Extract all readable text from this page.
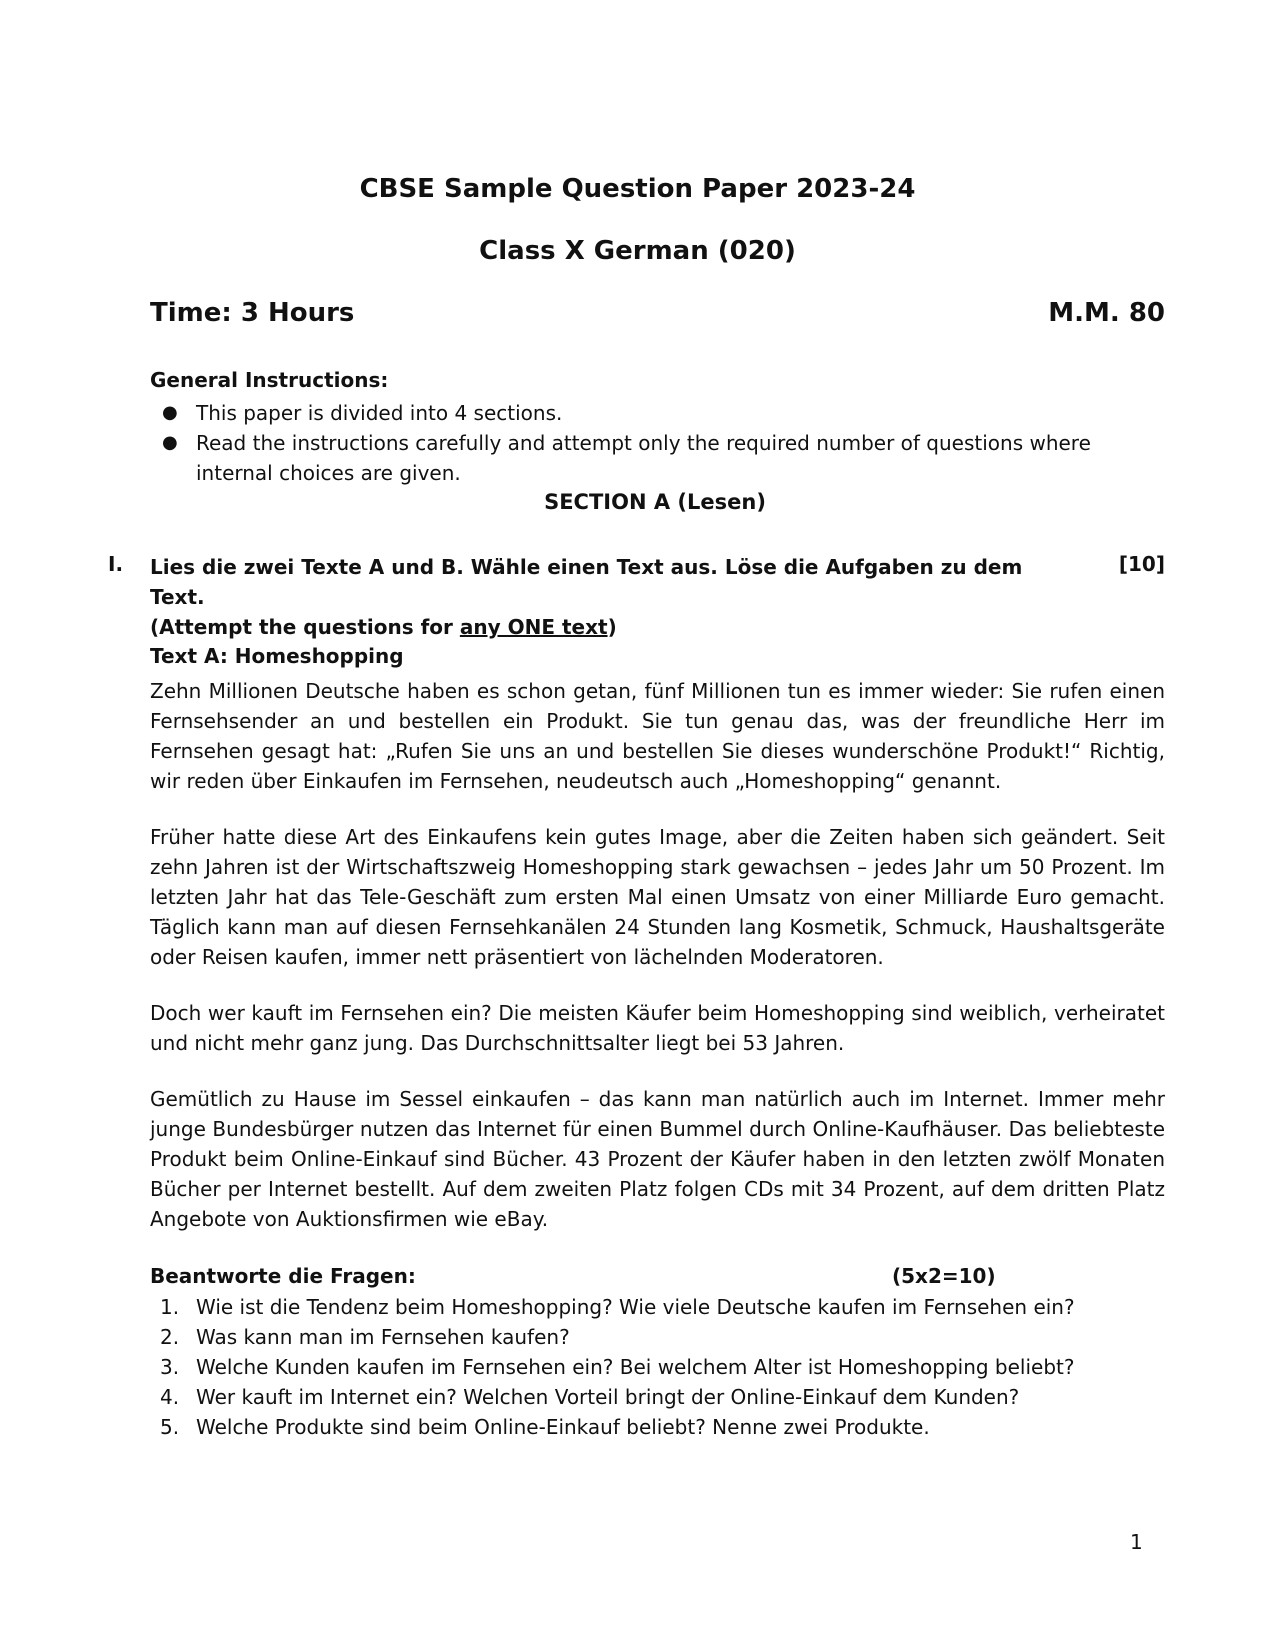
CBSE Sample Question Paper 2023-24
Class X German (020)
Time: 3 Hours	M.M. 80
General Instructions:
● This paper is divided into 4 sections.
● Read the instructions carefully and attempt only the required number of questions where internal choices are given.
SECTION A (Lesen)
I. Lies die zwei Texte A und B. Wähle einen Text aus. Löse die Aufgaben zu dem Text.
(Attempt the questions for any ONE text)
[10]
Text A: Homeshopping

Zehn Millionen Deutsche haben es schon getan, fünf Millionen tun es immer wieder: Sie rufen einen Fernsehsender an und bestellen ein Produkt. Sie tun genau das, was der freundliche Herr im Fernsehen gesagt hat: „Rufen Sie uns an und bestellen Sie dieses wunderschöne Produkt!“ Richtig, wir reden über Einkaufen im Fernsehen, neudeutsch auch „Homeshopping“ genannt.

Früher hatte diese Art des Einkaufens kein gutes Image, aber die Zeiten haben sich geändert. Seit zehn Jahren ist der Wirtschaftszweig Homeshopping stark gewachsen – jedes Jahr um 50 Prozent. Im letzten Jahr hat das Tele-Geschäft zum ersten Mal einen Umsatz von einer Milliarde Euro gemacht. Täglich kann man auf diesen Fernsehkanälen 24 Stunden lang Kosmetik, Schmuck, Haushaltsgeräte oder Reisen kaufen, immer nett präsentiert von lächelnden Moderatoren.

Doch wer kauft im Fernsehen ein? Die meisten Käufer beim Homeshopping sind weiblich, verheiratet und nicht mehr ganz jung. Das Durchschnittsalter liegt bei 53 Jahren.

Gemütlich zu Hause im Sessel einkaufen – das kann man natürlich auch im Internet. Immer mehr junge Bundesbürger nutzen das Internet für einen Bummel durch Online-Kaufhäuser. Das beliebteste Produkt beim Online-Einkauf sind Bücher. 43 Prozent der Käufer haben in den letzten zwölf Monaten Bücher per Internet bestellt. Auf dem zweiten Platz folgen CDs mit 34 Prozent, auf dem dritten Platz Angebote von Auktionsfirmen wie eBay.

Beantworte die Fragen:	(5x2=10)
1. Wie ist die Tendenz beim Homeshopping? Wie viele Deutsche kaufen im Fernsehen ein?
2. Was kann man im Fernsehen kaufen?
3. Welche Kunden kaufen im Fernsehen ein? Bei welchem Alter ist Homeshopping beliebt?
4. Wer kauft im Internet ein? Welchen Vorteil bringt der Online-Einkauf dem Kunden?
5. Welche Produkte sind beim Online-Einkauf beliebt? Nenne zwei Produkte.
1
